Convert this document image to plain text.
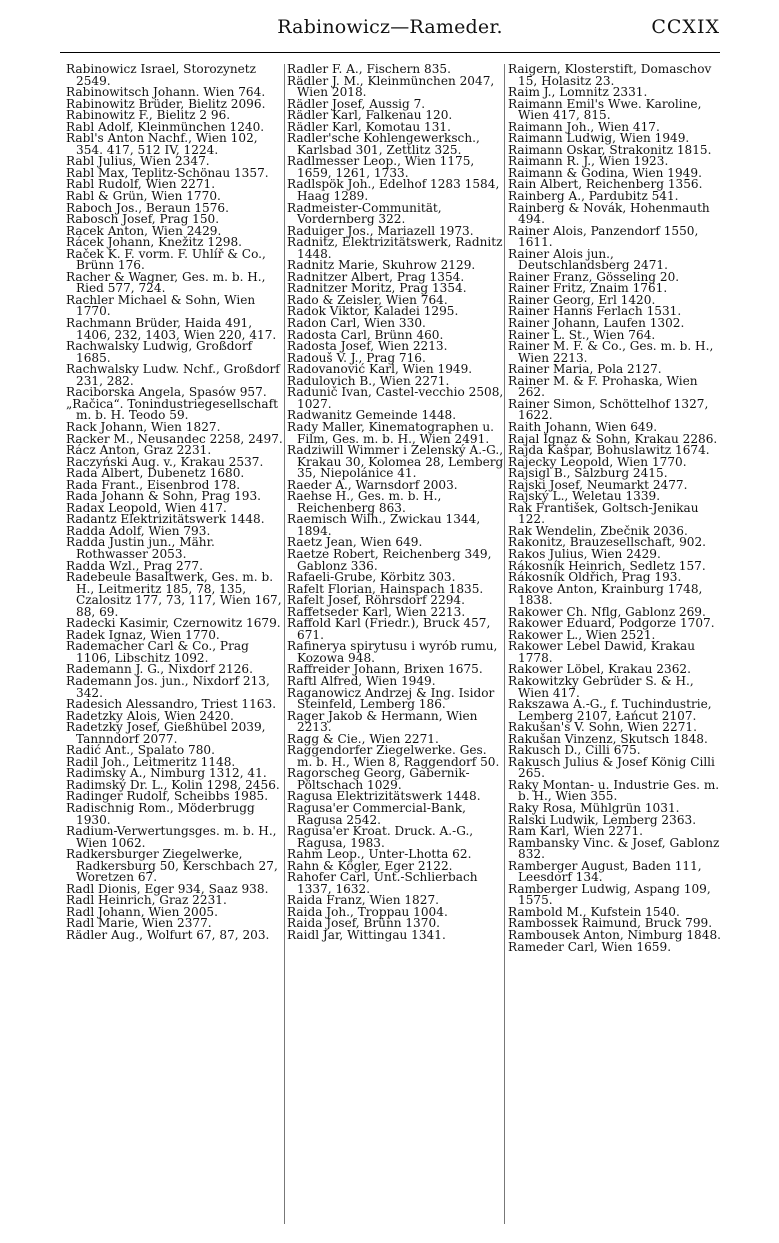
Rabinowicz—Rameder.	CCXIX

Rabinowicz Israel, Storozynetz 2549.

Rabinowitsch Johann. Wien 764.

Rabinowitz Brüder, Bielitz 2096.

Rabinowitz F., Bielitz 2 96.

Rabl Adolf, Kleinmünchen 1240.

Rabl's Anton Nachf., Wien 102, 354. 417, 512 IV, 1224.

Rabl Julius, Wien 2347.

Rabl Max, Teplitz-Schönau 1357.

Rabl Rudolf, Wien 2271.

Rabl & Grün, Wien 1770.

Raboch Jos., Beraun 1576.

Rabosch Josef, Prag 150.

Racek Anton, Wien 2429.

Rácek Johann, Knežitz 1298.

Raček K. F. vorm. F. Uhlíř & Co., Brünn 176.

Racher & Wagner, Ges. m. b. H., Ried 577, 724.

Rachler Michael & Sohn, Wien 1770.

Rachmann Brüder, Haida 491, 1406, 232, 1403, Wien 220, 417.

Rachwalsky Ludwig, Großdorf 1685.

Rachwalsky Ludw. Nchf., Großdorf 231, 282.

Raciborska Angela, Spasów 957.

„Račica“. Tonindustriegesellschaft m. b. H. Teodo 59.

Rack Johann, Wien 1827.

Racker M., Neusandec 2258, 2497.

Rácz Anton, Graz 2231.

Raczyński Aug. v., Krakau 2537.

Rada Albert, Dubenetz 1680.

Rada Frant., Eisenbrod 178.

Rada Johann & Sohn, Prag 193.

Radax Leopold, Wien 417.

Radantz Elektrizitätswerk 1448.

Radda Adolf, Wien 793.

Radda Justin jun., Mähr. Rothwasser 2053.

Radda Wzl., Prag 277.

Radebeule Basaltwerk, Ges. m. b. H., Leitmeritz 185, 78, 135, Czalositz 177, 73, 117, Wien 167, 88, 69.

Radecki Kasimir, Czernowitz 1679.

Radek Ignaz, Wien 1770.

Rademacher Carl & Co., Prag 1106, Libschitz 1092.

Rademann J. G., Nixdorf 2126.

Rademann Jos. jun., Nixdorf 213, 342.

Radesich Alessandro, Triest 1163.

Radetzky Alois, Wien 2420.

Radetzky Josef, Gießhübel 2039, Tannndorf 2077.

Radić Ant., Spalato 780.

Radil Joh., Leitmeritz 1148.

Radimsky A., Nimburg 1312, 41.

Radimský Dr. L., Kolin 1298, 2456.

Radinger Rudolf, Scheibbs 1985.

Radischnig Rom., Möderbrugg 1930.

Radium-Verwertungsges. m. b. H., Wien 1062.

Radkersburger Ziegelwerke, Radkersburg 50, Kerschbach 27, Woretzen 67.

Radl Dionis, Eger 934, Saaz 938.

Radl Heinrich, Graz 2231.

Radl Johann, Wien 2005.

Radl Marie, Wien 2377.

Rädler Aug., Wolfurt 67, 87, 203.

Radler F. A., Fischern 835.

Rädler J. M., Kleinmünchen 2047, Wien 2018.

Rädler Josef, Aussig 7.

Rädler Karl, Falkenau 120.

Rädler Karl, Komotau 131.

Radler'sche Kohlengewerksch., Karlsbad 301, Zettlitz 325.

Radlmesser Leop., Wien 1175, 1659, 1261, 1733.

Radlspök Joh., Edelhof 1283 1584, Haag 1289.

Radmeister-Communität, Vordernberg 322.

Raduiger Jos., Mariazell 1973.

Radnitz, Elektrizitätswerk, Radnitz 1448.

Radnitz Marie, Skuhrow 2129.

Radnitzer Albert, Prag 1354.

Radnitzer Moritz, Prag 1354.

Rado & Zeisler, Wien 764.

Radok Viktor, Kaladei 1295.

Radon Carl, Wien 330.

Radosta Carl, Brünn 460.

Radosta Josef, Wien 2213.

Radouš V. J., Prag 716.

Radovanović Karl, Wien 1949.

Radulovich B., Wien 2271.

Radunič Ivan, Castel-vecchio 2508, 1027.

Radwanitz Gemeinde 1448.

Rady Maller, Kinematographen u. Film, Ges. m. b. H., Wien 2491.

Radziwill Wimmer i Zelenský A.-G., Krakau 30, Kolomea 28, Lemberg 35, Niepolánice 41.

Raeder A., Warnsdorf 2003.

Raehse H., Ges. m. b. H., Reichenberg 863.

Raemisch Wilh., Zwickau 1344, 1894.

Raetz Jean, Wien 649.

Raetze Robert, Reichenberg 349, Gablonz 336.

Rafaeli-Grube, Körbitz 303.

Rafelt Florian, Hainspach 1835.

Rafelt Josef, Röhrsdorf 2294.

Raffetseder Karl, Wien 2213.

Raffold Karl (Friedr.), Bruck 457, 671.

Rafinerya spirytusu i wyrób rumu, Kozowa 948.

Raffreider Johann, Brixen 1675.

Raftl Alfred, Wien 1949.

Raganowicz Andrzej & Ing. Isidor Steinfeld, Lemberg 186.

Rager Jakob & Hermann, Wien 2213.

Ragg & Cie., Wien 2271.

Raggendorfer Ziegelwerke. Ges. m. b. H., Wien 8, Raggendorf 50.

Ragorscheg Georg, Gabernik-Pöltschach 1029.

Ragusa Elektrizitätswerk 1448.

Ragusa'er Commercial-Bank, Ragusa 2542.

Ragusa'er Kroat. Druck. A.-G., Ragusa, 1983.

Rahm Leop., Unter-Lhotta 62.

Rahn & Kögler, Eger 2122.

Rahofer Carl, Unt.-Schlierbach 1337, 1632.

Raida Franz, Wien 1827.

Raida Joh., Troppau 1004.

Raida Josef, Brünn 1370.

Raidl Jar, Wittingau 1341.

Raigern, Klosterstift, Domaschov 15, Holasitz 23.

Raim J., Lomnitz 2331.

Raimann Emil's Wwe. Karoline, Wien 417, 815.

Raimann Joh., Wien 417.

Raimann Ludwig, Wien 1949.

Raimann Oskar, Strakonitz 1815.

Raimann R. J., Wien 1923.

Raimann & Godina, Wien 1949.

Rain Albert, Reichenberg 1356.

Rainberg A., Pardubitz 541.

Rainberg & Novák, Hohenmauth 494.

Rainer Alois, Panzendorf 1550, 1611.

Rainer Alois jun., Deutschlandsberg 2471.

Rainer Franz, Gösseling 20.

Rainer Fritz, Znaim 1761.

Rainer Georg, Erl 1420.

Rainer Hanns Ferlach 1531.

Rainer Johann, Laufen 1302.

Rainer L. St., Wien 764.

Rainer M. F. & Co., Ges. m. b. H., Wien 2213.

Rainer Maria, Pola 2127.

Rainer M. & F. Prohaska, Wien 262.

Rainer Simon, Schöttelhof 1327, 1622.

Raith Johann, Wien 649.

Rajal Ignaz & Sohn, Krakau 2286.

Rajda Kašpar, Bohuslawitz 1674.

Rajecky Leopold, Wien 1770.

Rajsigl B., Salzburg 2415.

Rajski Josef, Neumarkt 2477.

Rajský L., Weletau 1339.

Rak František, Goltsch-Jenikau 122.

Rak Wendelin, Zbečnik 2036.

Rakonitz, Brauzesellschaft, 902.

Rakos Julius, Wien 2429.

Rákosník Heinrich, Sedletz 157.

Rákosník Oldřich, Prag 193.

Rakove Anton, Krainburg 1748, 1838.

Rakower Ch. Nflg, Gablonz 269.

Rakower Eduard, Podgorze 1707.

Rakower L., Wien 2521.

Rakower Lebel Dawid, Krakau 1778.

Rakower Löbel, Krakau 2362.

Rakowitzky Gebrüder S. & H., Wien 417.

Rakszawa A.-G., f. Tuchindustrie, Lemberg 2107, Łańcut 2107.

Rakušan's V. Sohn, Wien 2271.

Rakušan Vinzenz, Skutsch 1848.

Rakusch D., Cilli 675.

Rakusch Julius & Josef König Cilli 265.

Raky Montan- u. Industrie Ges. m. b. H., Wien 355.

Raky Rosa, Mühlgrün 1031.

Ralski Ludwik, Lemberg 2363.

Ram Karl, Wien 2271.

Rambansky Vinc. & Josef, Gablonz 832.

Ramberger August, Baden 111, Leesdorf 134.

Ramberger Ludwig, Aspang 109, 1575.

Rambold M., Kufstein 1540.

Rambossek Raimund, Bruck 799.

Rambousek Anton, Nimburg 1848.

Rameder Carl, Wien 1659.
